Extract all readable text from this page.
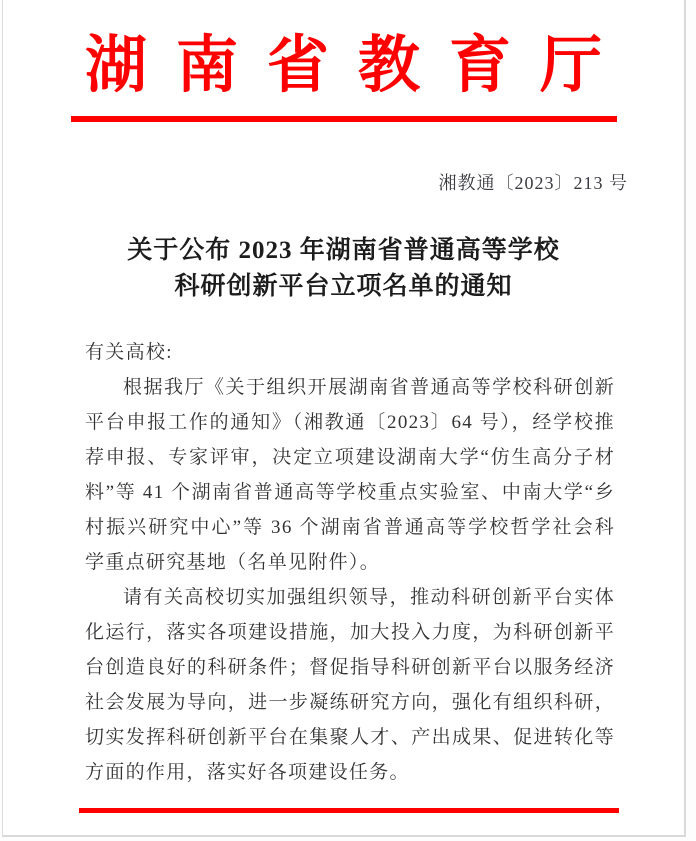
湖南省教育厅
湘教通〔2023〕213 号
关于公布 2023 年湖南省普通高等学校
科研创新平台立项名单的通知

有关高校:

根据我厅《关于组织开展湖南省普通高等学校科研创新平台申报工作的通知》（湘教通〔2023〕64 号），经学校推荐申报、专家评审，决定立项建设湖南大学“仿生高分子材料”等 41 个湖南省普通高等学校重点实验室、中南大学“乡村振兴研究中心”等 36 个湖南省普通高等学校哲学社会科学重点研究基地（名单见附件）。

请有关高校切实加强组织领导，推动科研创新平台实体化运行，落实各项建设措施，加大投入力度，为科研创新平台创造良好的科研条件；督促指导科研创新平台以服务经济社会发展为导向，进一步凝练研究方向，强化有组织科研，切实发挥科研创新平台在集聚人才、产出成果、促进转化等方面的作用，落实好各项建设任务。
